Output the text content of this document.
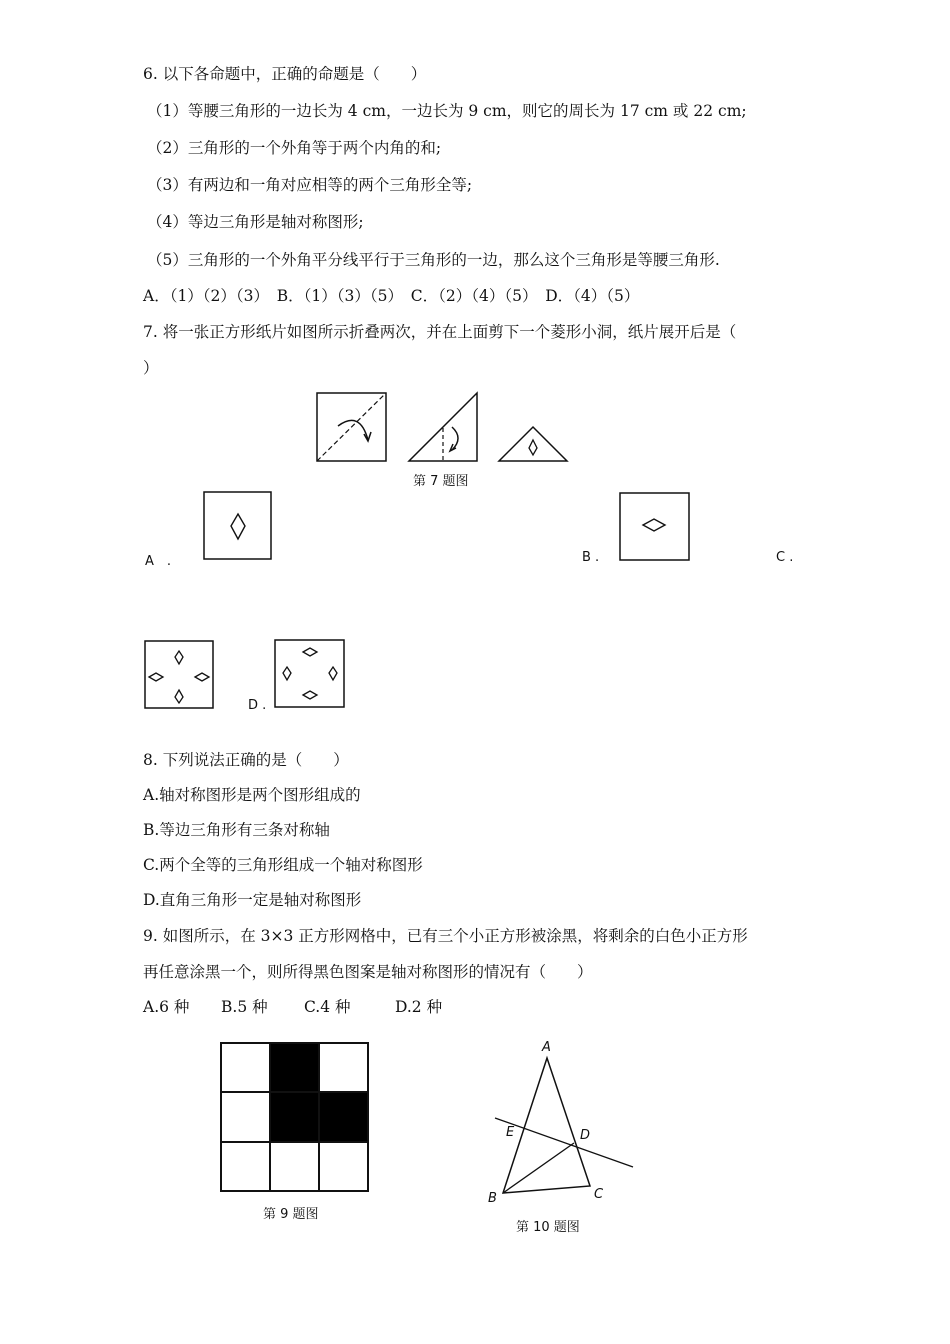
6. 以下各命题中，正确的命题是（　　）
（1）等腰三角形的一边长为 4 cm，一边长为 9 cm，则它的周长为 17 cm 或 22 cm;
（2）三角形的一个外角等于两个内角的和;
（3）有两边和一角对应相等的两个三角形全等;
（4）等边三角形是轴对称图形;
（5）三角形的一个外角平分线平行于三角形的一边，那么这个三角形是等腰三角形.
A．（1）（2）（3）　B．（1）（3）（5）　C．（2）（4）（5）　D．（4）（5）
7. 将一张正方形纸片如图所示折叠两次，并在上面剪下一个菱形小洞，纸片展开后是（
）
第 7 题图
A　.	B .	C .
D .
8. 下列说法正确的是（　　）
A.轴对称图形是两个图形组成的
B.等边三角形有三条对称轴
C.两个全等的三角形组成一个轴对称图形
D.直角三角形一定是轴对称图形
9. 如图所示，在 3×3 正方形网格中，已有三个小正方形被涂黑，将剩余的白色小正方形
再任意涂黑一个，则所得黑色图案是轴对称图形的情况有（　　）
A.6 种 B.5 种 C.4 种	D.2 种
第 9 题图
A
E	D
B	C
第 10 题图
